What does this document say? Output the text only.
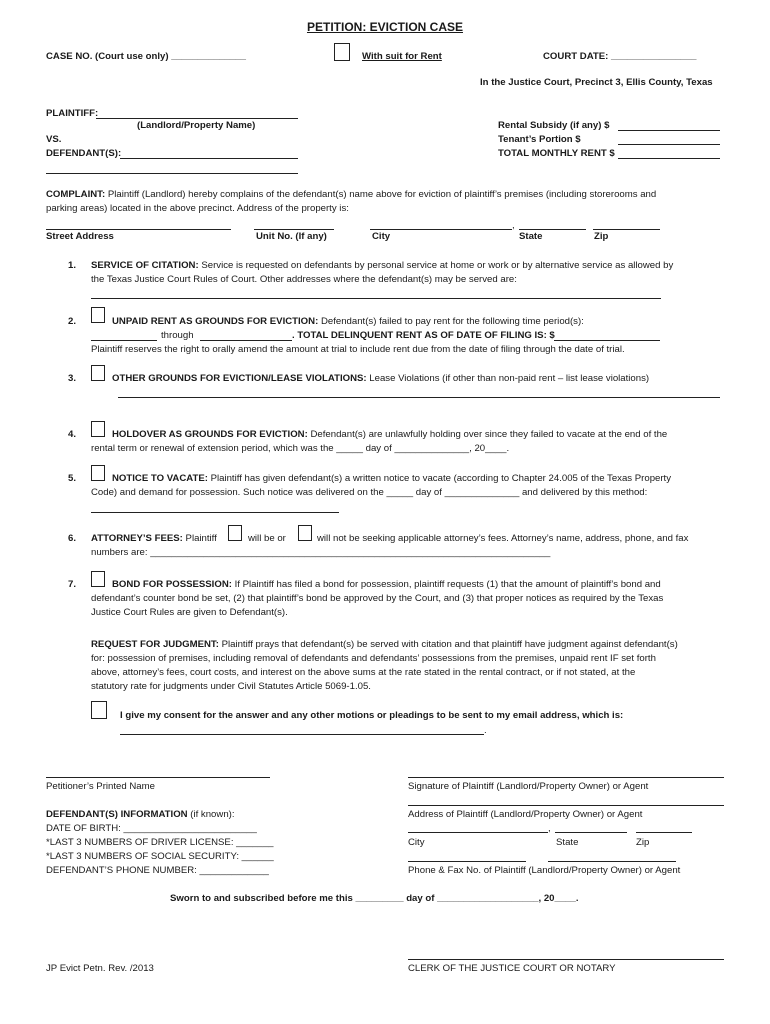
PETITION: EVICTION CASE
CASE NO. (Court use only) ______________	With suit for Rent	COURT DATE: ________________
In the Justice Court, Precinct 3, Ellis County, Texas
PLAINTIFF:
(Landlord/Property Name)
VS.
DEFENDANT(S):
Rental Subsidy (if any) $
Tenant’s Portion $
TOTAL MONTHLY RENT $
COMPLAINT: Plaintiff (Landlord) hereby complains of the defendant(s) name above for eviction of plaintiff’s premises (including storerooms and
parking areas) located in the above precinct. Address of the property is:
,
Street Address	Unit No. (If any)	City	State	Zip
1. SERVICE OF CITATION: Service is requested on defendants by personal service at home or work or by alternative service as allowed by
the Texas Justice Court Rules of Court. Other addresses where the defendant(s) may be served are:
2.	UNPAID RENT AS GROUNDS FOR EVICTION: Defendant(s) failed to pay rent for the following time period(s):
through	. TOTAL DELINQUENT RENT AS OF DATE OF FILING IS: $
Plaintiff reserves the right to orally amend the amount at trial to include rent due from the date of filing through the date of trial.
3.	OTHER GROUNDS FOR EVICTION/LEASE VIOLATIONS: Lease Violations (if other than non-paid rent – list lease violations)
4.	HOLDOVER AS GROUNDS FOR EVICTION: Defendant(s) are unlawfully holding over since they failed to vacate at the end of the
rental term or renewal of extension period, which was the _____ day of ______________, 20____.
5.	NOTICE TO VACATE: Plaintiff has given defendant(s) a written notice to vacate (according to Chapter 24.005 of the Texas Property
Code) and demand for possession. Such notice was delivered on the _____ day of ______________ and delivered by this method:
6. ATTORNEY’S FEES: Plaintiff	will be or	will not be seeking applicable attorney’s fees. Attorney’s name, address, phone, and fax
numbers are: ___________________________________________________________________________
7.	BOND FOR POSSESSION: If Plaintiff has filed a bond for possession, plaintiff requests (1) that the amount of plaintiff’s bond and
defendant’s counter bond be set, (2) that plaintiff’s bond be approved by the Court, and (3) that proper notices as required by the Texas
Justice Court Rules are given to Defendant(s).
REQUEST FOR JUDGMENT: Plaintiff prays that defendant(s) be served with citation and that plaintiff have judgment against defendant(s)
for: possession of premises, including removal of defendants and defendants’ possessions from the premises, unpaid rent IF set forth
above, attorney’s fees, court costs, and interest on the above sums at the rate stated in the rental contract, or if not stated, at the
statutory rate for judgments under Civil Statutes Article 5069-1.05.
I give my consent for the answer and any other motions or pleadings to be sent to my email address, which is:
.
Petitioner’s Printed Name	Signature of Plaintiff (Landlord/Property Owner) or Agent
DEFENDANT(S) INFORMATION (if known):	Address of Plaintiff (Landlord/Property Owner) or Agent
DATE OF BIRTH: _________________________	,
*LAST 3 NUMBERS OF DRIVER LICENSE: _______	City	State	Zip
*LAST 3 NUMBERS OF SOCIAL SECURITY: ______
DEFENDANT’S PHONE NUMBER: _____________	Phone & Fax No. of Plaintiff (Landlord/Property Owner) or Agent
Sworn to and subscribed before me this _________ day of ___________________, 20____.
JP Evict Petn. Rev. /2013	CLERK OF THE JUSTICE COURT OR NOTARY
